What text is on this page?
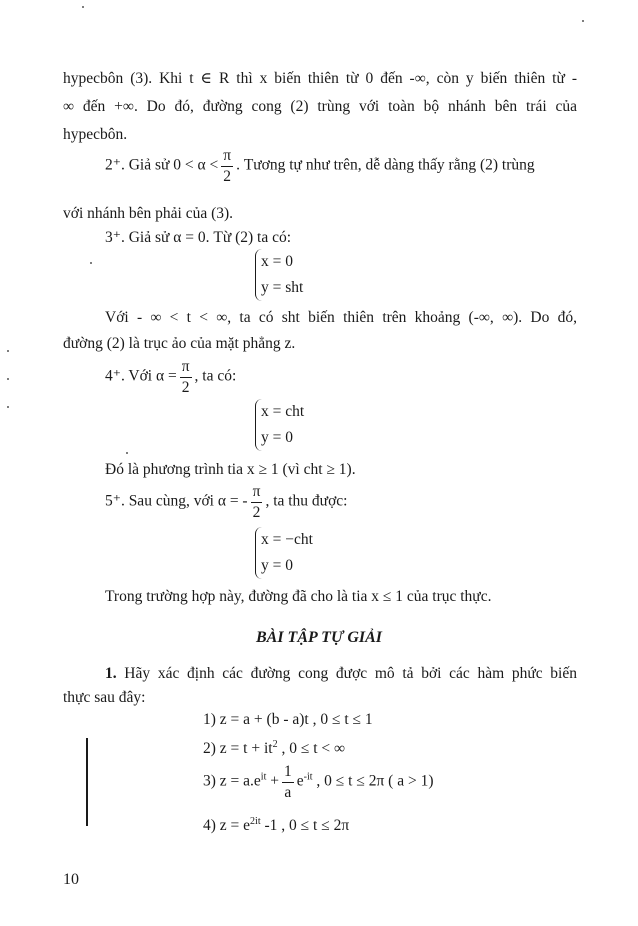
hypecbôn (3). Khi t ∈ R thì x biến thiên từ 0 đến -∞, còn y biến thiên từ -
∞ đến +∞. Do đó, đường cong (2) trùng với toàn bộ nhánh bên trái của
hypecbôn.
2⁺. Giả sử $0 < \alpha < \frac{\pi}{2}$ . Tương tự như trên, dễ dàng thấy rằng (2) trùng
với nhánh bên phải của (3).
3⁺. Giả sử α = 0. Từ (2) ta có:
x = 0
y = sht
Với - ∞ < t < ∞, ta có sht biến thiên trên khoảng (-∞, ∞). Do đó,
đường (2) là trục ảo của mặt phẳng z.
4⁺. Với $\alpha = \frac{\pi}{2}$ , ta có:
x = cht
y = 0
Đó là phương trình tia x ≥ 1 (vì cht ≥ 1).
5⁺. Sau cùng, với α = - $\frac{\pi}{2}$ , ta thu được:
x = −cht
y = 0
Trong trường hợp này, đường đã cho là tia x ≤ 1 của trục thực.
BÀI TẬP TỰ GIẢI
1. Hãy xác định các đường cong được mô tả bởi các hàm phức biến
thực sau đây:
1) z = a + (b - a)t , 0 ≤ t ≤ 1
2) $z = t + it^2$ , 0 ≤ t < ∞
3) $z = a.e^{it} + \frac{1}{a} e^{-it}$ , 0 ≤ t ≤ 2π ( a > 1)
4) $z = e^{2it}$ -1 , 0 ≤ t ≤ 2π
10
